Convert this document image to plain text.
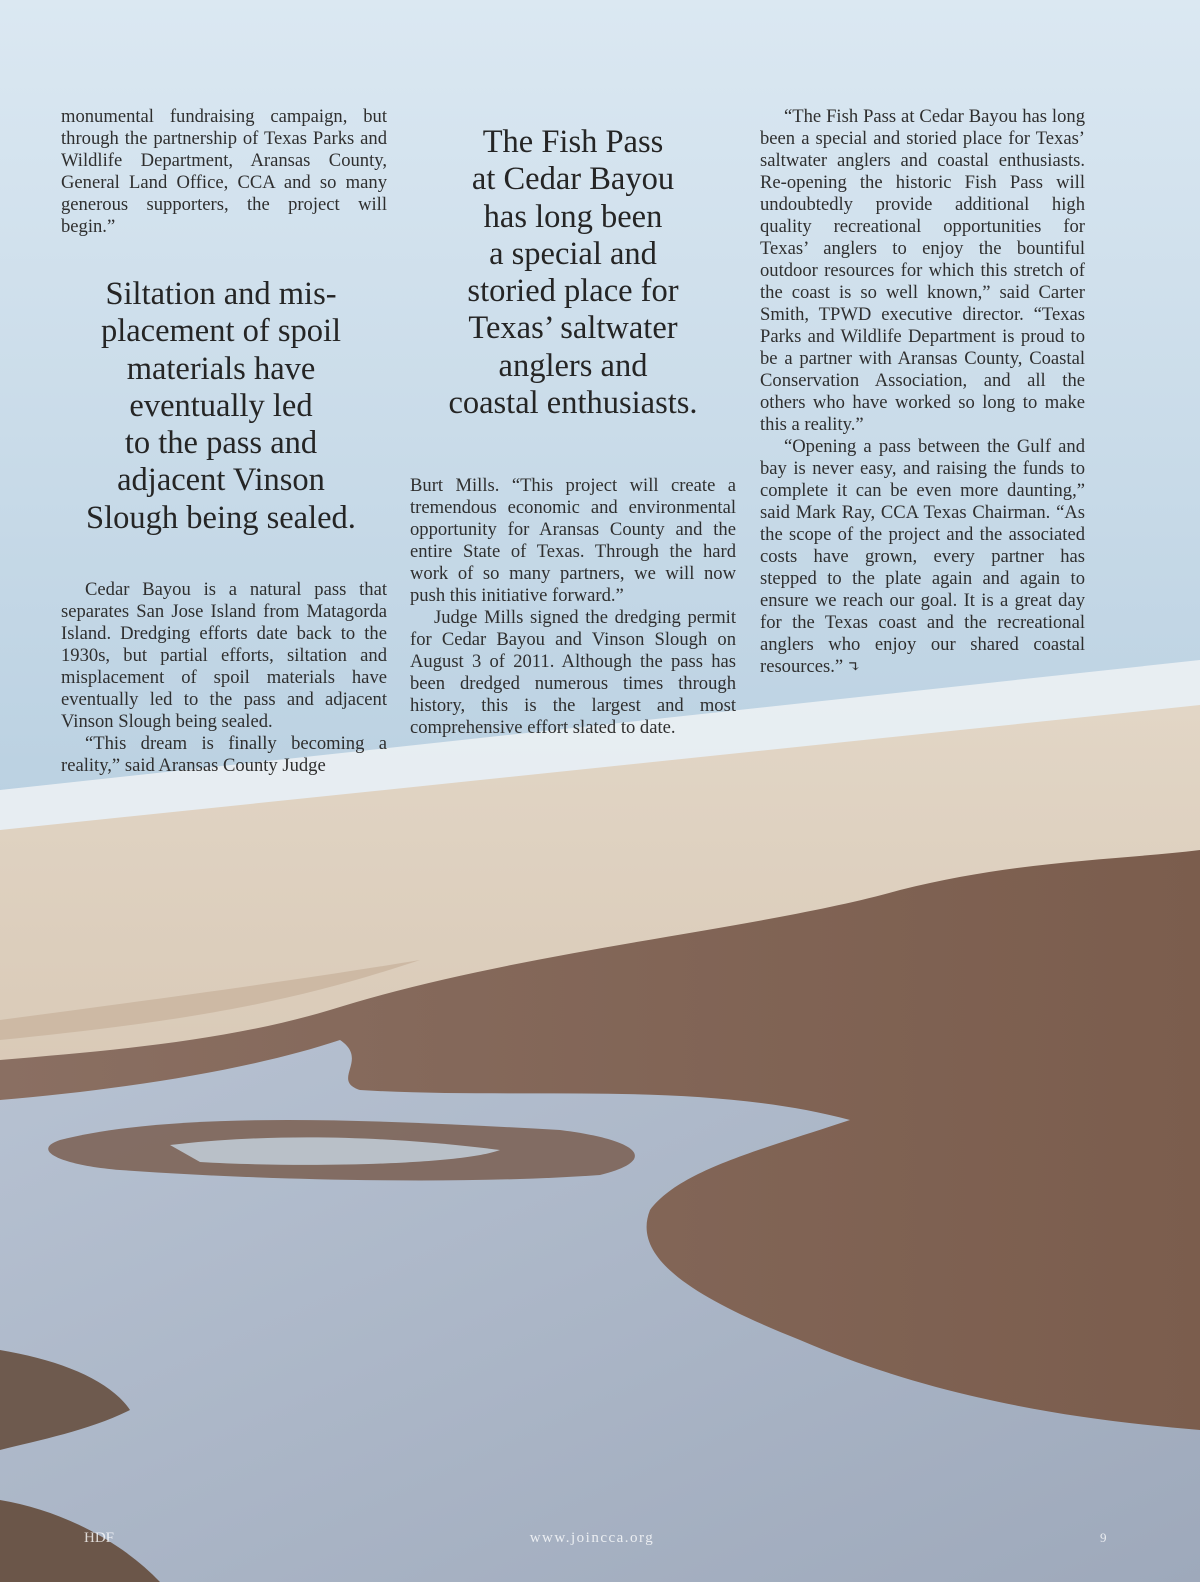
monumental fundraising campaign, but through the partnership of Texas Parks and Wildlife Department, Aransas County, General Land Office, CCA and so many generous supporters, the project will begin.”

Siltation and mis-
placement of spoil
materials have
eventually led
to the pass and
adjacent Vinson
Slough being sealed.

Cedar Bayou is a natural pass that separates San Jose Island from Matagorda Island. Dredging efforts date back to the 1930s, but partial efforts, siltation and misplacement of spoil materials have eventually led to the pass and adjacent Vinson Slough being sealed.

“This dream is finally becoming a reality,” said Aransas County Judge

The Fish Pass
at Cedar Bayou
has long been
a special and
storied place for
Texas’ saltwater
anglers and
coastal enthusiasts.

Burt Mills. “This project will create a tremendous economic and environmental opportunity for Aransas County and the entire State of Texas. Through the hard work of so many partners, we will now push this initiative forward.”

Judge Mills signed the dredging permit for Cedar Bayou and Vinson Slough on August 3 of 2011. Although the pass has been dredged numerous times through history, this is the largest and most comprehensive effort slated to date.

“The Fish Pass at Cedar Bayou has long been a special and storied place for Texas’ saltwater anglers and coastal enthusiasts. Re-opening the historic Fish Pass will undoubtedly provide additional high quality recreational opportunities for Texas’ anglers to enjoy the bountiful outdoor resources for which this stretch of the coast is so well known,” said Carter Smith, TPWD executive director. “Texas Parks and Wildlife Department is proud to be a partner with Aransas County, Coastal Conservation Association, and all the others who have worked so long to make this a reality.”

“Opening a pass between the Gulf and bay is never easy, and raising the funds to complete it can be even more daunting,” said Mark Ray, CCA Texas Chairman. “As the scope of the project and the associated costs have grown, every partner has stepped to the plate again and again to ensure we reach our goal. It is a great day for the Texas coast and the recreational anglers who enjoy our shared coastal resources.” ↴

HDF	www.joincca.org	9
